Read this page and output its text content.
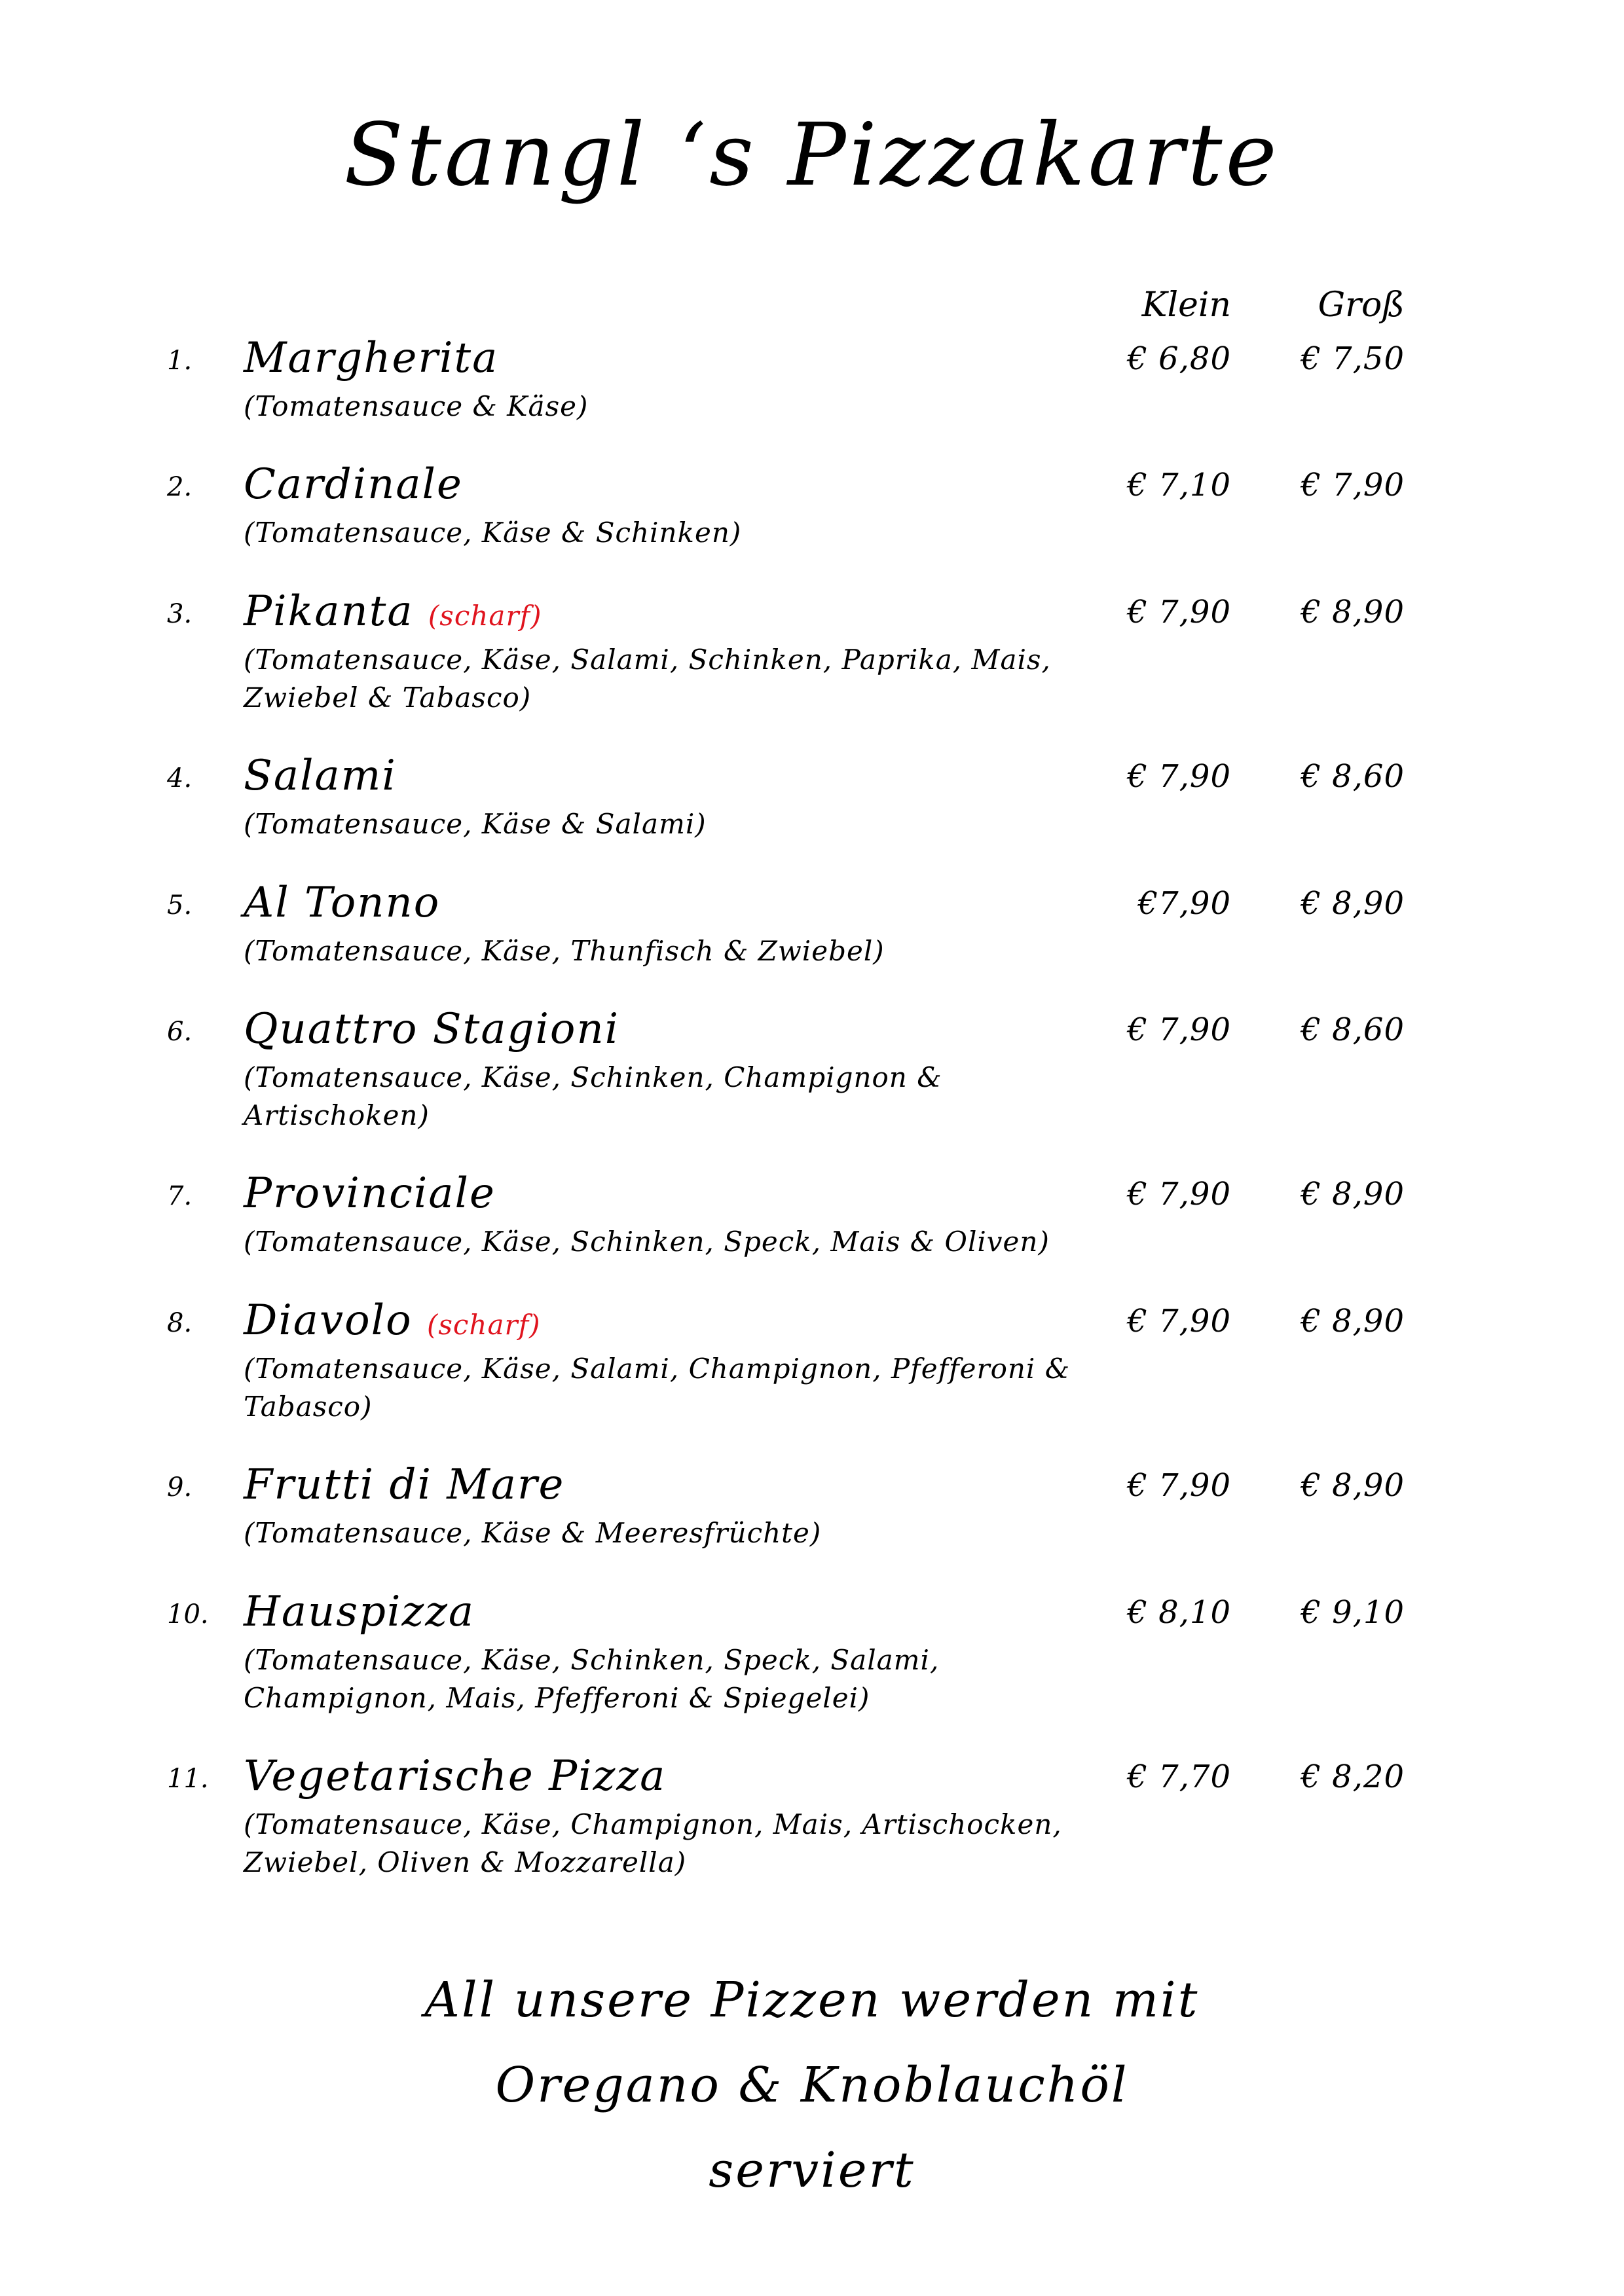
Stangl ‘s Pizzakarte
Klein	Groß
1. Margherita
(Tomatensauce & Käse)
€ 6,80	€ 7,50
2. Cardinale
(Tomatensauce, Käse & Schinken)
€ 7,10	€ 7,90
3. Pikanta (scharf)
(Tomatensauce, Käse, Salami, Schinken, Paprika, Mais, Zwiebel & Tabasco)
€ 7,90	€ 8,90
4. Salami
(Tomatensauce, Käse & Salami)
€ 7,90	€ 8,60
5. Al Tonno
(Tomatensauce, Käse, Thunfisch & Zwiebel)
€7,90	€ 8,90
6. Quattro Stagioni
(Tomatensauce, Käse, Schinken, Champignon & Artischoken)
€ 7,90	€ 8,60
7. Provinciale
(Tomatensauce, Käse, Schinken, Speck, Mais & Oliven)
€ 7,90	€ 8,90
8. Diavolo (scharf)
(Tomatensauce, Käse, Salami, Champignon, Pfefferoni & Tabasco)
€ 7,90	€ 8,90
9. Frutti di Mare
(Tomatensauce, Käse & Meeresfrüchte)
€ 7,90	€ 8,90
10. Hauspizza
(Tomatensauce, Käse, Schinken, Speck, Salami, Champignon, Mais, Pfefferoni & Spiegelei)
€ 8,10	€ 9,10
11. Vegetarische Pizza
(Tomatensauce, Käse, Champignon, Mais, Artischocken, Zwiebel, Oliven & Mozzarella)
€ 7,70	€ 8,20
All unsere Pizzen werden mit
Oregano & Knoblauchöl
serviert
